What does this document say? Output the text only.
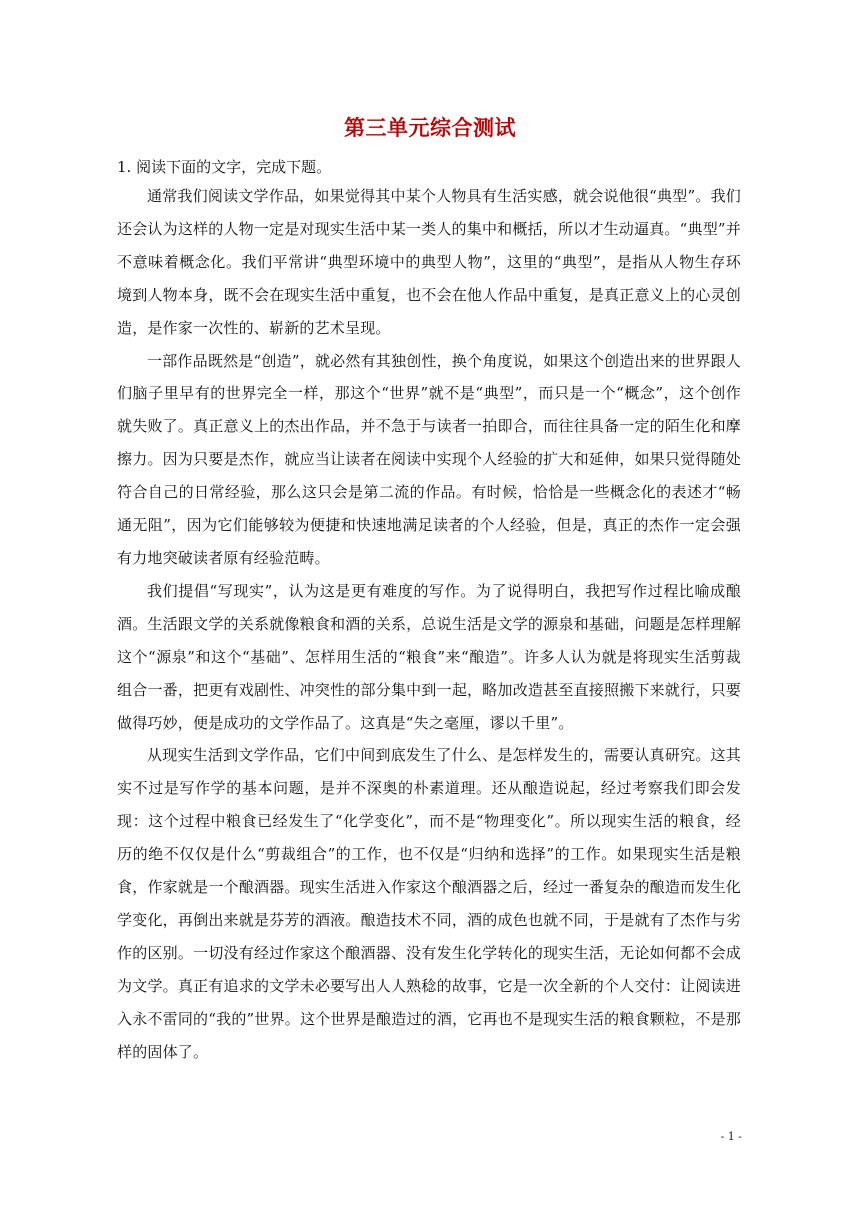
第三单元综合测试
1. 阅读下面的文字，完成下题。

通常我们阅读文学作品，如果觉得其中某个人物具有生活实感，就会说他很“典型”。我们还会认为这样的人物一定是对现实生活中某一类人的集中和概括，所以才生动逼真。“典型”并不意味着概念化。我们平常讲“典型环境中的典型人物”，这里的“典型”，是指从人物生存环境到人物本身，既不会在现实生活中重复，也不会在他人作品中重复，是真正意义上的心灵创造，是作家一次性的、崭新的艺术呈现。

一部作品既然是“创造”，就必然有其独创性，换个角度说，如果这个创造出来的世界跟人们脑子里早有的世界完全一样，那这个“世界”就不是“典型”，而只是一个“概念”，这个创作就失败了。真正意义上的杰出作品，并不急于与读者一拍即合，而往往具备一定的陌生化和摩擦力。因为只要是杰作，就应当让读者在阅读中实现个人经验的扩大和延伸，如果只觉得随处符合自己的日常经验，那么这只会是第二流的作品。有时候，恰恰是一些概念化的表述才“畅通无阻”，因为它们能够较为便捷和快速地满足读者的个人经验，但是，真正的杰作一定会强有力地突破读者原有经验范畴。

我们提倡“写现实”，认为这是更有难度的写作。为了说得明白，我把写作过程比喻成酿酒。生活跟文学的关系就像粮食和酒的关系，总说生活是文学的源泉和基础，问题是怎样理解这个“源泉”和这个“基础”、怎样用生活的“粮食”来“酿造”。许多人认为就是将现实生活剪裁组合一番，把更有戏剧性、冲突性的部分集中到一起，略加改造甚至直接照搬下来就行，只要做得巧妙，便是成功的文学作品了。这真是“失之毫厘，谬以千里”。

从现实生活到文学作品，它们中间到底发生了什么、是怎样发生的，需要认真研究。这其实不过是写作学的基本问题，是并不深奥的朴素道理。还从酿造说起，经过考察我们即会发现：这个过程中粮食已经发生了“化学变化”，而不是“物理变化”。所以现实生活的粮食，经历的绝不仅仅是什么“剪裁组合”的工作，也不仅是“归纳和选择”的工作。如果现实生活是粮食，作家就是一个酿酒器。现实生活进入作家这个酿酒器之后，经过一番复杂的酿造而发生化学变化，再倒出来就是芬芳的酒液。酿造技术不同，酒的成色也就不同，于是就有了杰作与劣作的区别。一切没有经过作家这个酿酒器、没有发生化学转化的现实生活，无论如何都不会成为文学。真正有追求的文学未必要写出人人熟稔的故事，它是一次全新的个人交付：让阅读进入永不雷同的“我的”世界。这个世界是酿造过的酒，它再也不是现实生活的粮食颗粒，不是那样的固体了。

- 1 -
